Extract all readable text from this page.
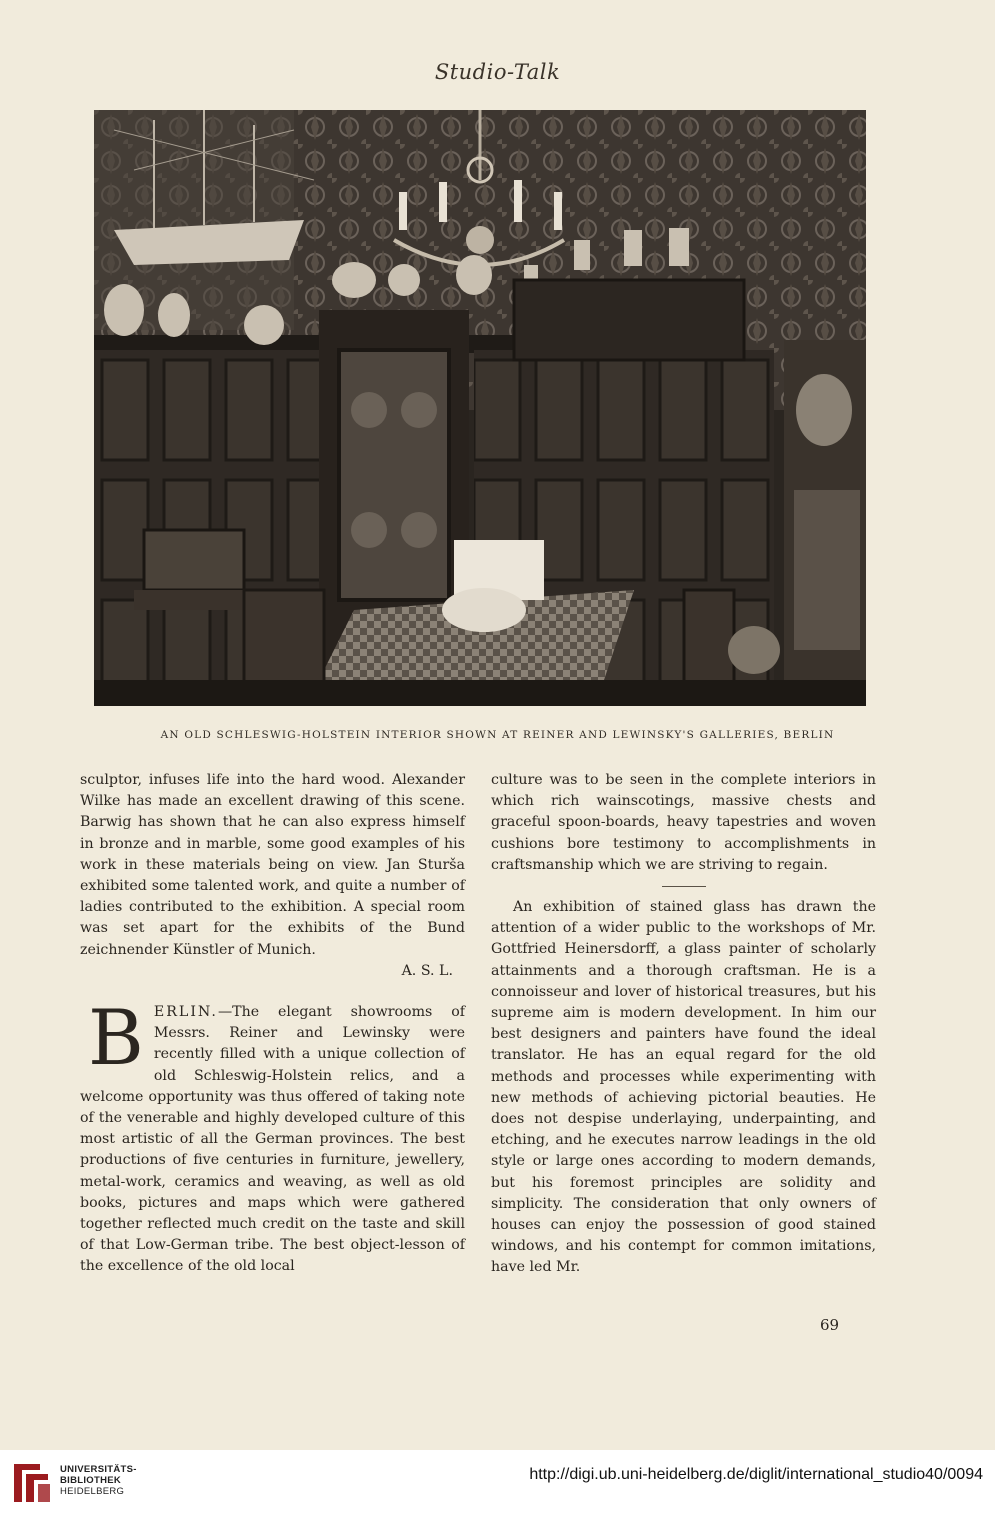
Studio-Talk
AN OLD SCHLESWIG-HOLSTEIN INTERIOR SHOWN AT REINER AND LEWINSKY'S GALLERIES, BERLIN

sculptor, infuses life into the hard wood. Alexander Wilke has made an excellent drawing of this scene. Barwig has shown that he can also express himself in bronze and in marble, some good examples of his work in these materials being on view. Jan Sturša exhibited some talented work, and quite a number of ladies contributed to the exhibition. A special room was set apart for the exhibits of the Bund zeichnender Künstler of Munich.

A. S. L.

BERLIN.—The elegant showrooms of Messrs. Reiner and Lewinsky were recently filled with a unique collection of old Schleswig-Holstein relics, and a welcome opportunity was thus offered of taking note of the venerable and highly developed culture of this most artistic of all the German provinces. The best productions of five centuries in furniture, jewellery, metal-work, ceramics and weaving, as well as old books, pictures and maps which were gathered together reflected much credit on the taste and skill of that Low-German tribe. The best object-lesson of the excellence of the old local

culture was to be seen in the complete interiors in which rich wainscotings, massive chests and graceful spoon-boards, heavy tapestries and woven cushions bore testimony to accomplishments in craftsmanship which we are striving to regain.

An exhibition of stained glass has drawn the attention of a wider public to the workshops of Mr. Gottfried Heinersdorff, a glass painter of scholarly attainments and a thorough craftsman. He is a connoisseur and lover of historical treasures, but his supreme aim is modern development. In him our best designers and painters have found the ideal translator. He has an equal regard for the old methods and processes while experimenting with new methods of achieving pictorial beauties. He does not despise underlaying, underpainting, and etching, and he executes narrow leadings in the old style or large ones according to modern demands, but his foremost principles are solidity and simplicity. The consideration that only owners of houses can enjoy the possession of good stained windows, and his contempt for common imitations, have led Mr.

69
UNIVERSITÄTS-
BIBLIOTHEK
HEIDELBERG
http://digi.ub.uni-heidelberg.de/diglit/international_studio40/0094
